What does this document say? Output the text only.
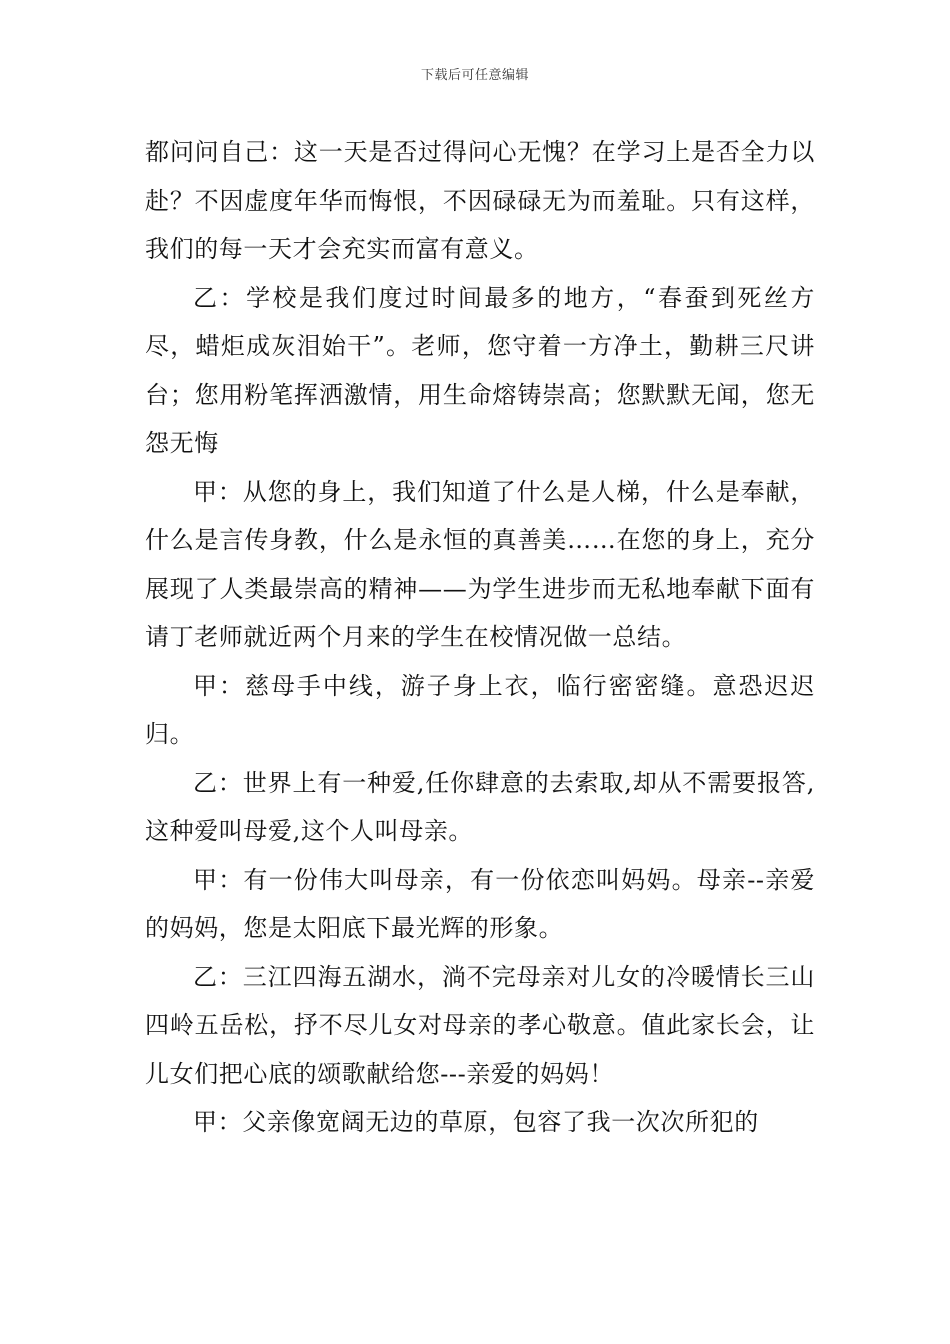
下载后可任意编辑

都问问自己：这一天是否过得问心无愧？在学习上是否全力以赴？不因虚度年华而悔恨，不因碌碌无为而羞耻。只有这样，我们的每一天才会充实而富有意义。

乙：学校是我们度过时间最多的地方，“春蚕到死丝方尽，蜡炬成灰泪始干”。老师，您守着一方净土，勤耕三尺讲台；您用粉笔挥洒激情，用生命熔铸崇高；您默默无闻，您无怨无悔

甲：从您的身上，我们知道了什么是人梯，什么是奉献，什么是言传身教，什么是永恒的真善美……在您的身上，充分展现了人类最崇高的精神——为学生进步而无私地奉献下面有请丁老师就近两个月来的学生在校情况做一总结。

甲：慈母手中线，游子身上衣，临行密密缝。意恐迟迟归。

乙：世界上有一种爱,任你肆意的去索取,却从不需要报答,这种爱叫母爱,这个人叫母亲。

甲：有一份伟大叫母亲，有一份依恋叫妈妈。母亲--亲爱的妈妈，您是太阳底下最光辉的形象。

乙：三江四海五湖水，淌不完母亲对儿女的冷暖情长三山四岭五岳松，抒不尽儿女对母亲的孝心敬意。值此家长会，让儿女们把心底的颂歌献给您---亲爱的妈妈！

甲：父亲像宽阔无边的草原，包容了我一次次所犯的
